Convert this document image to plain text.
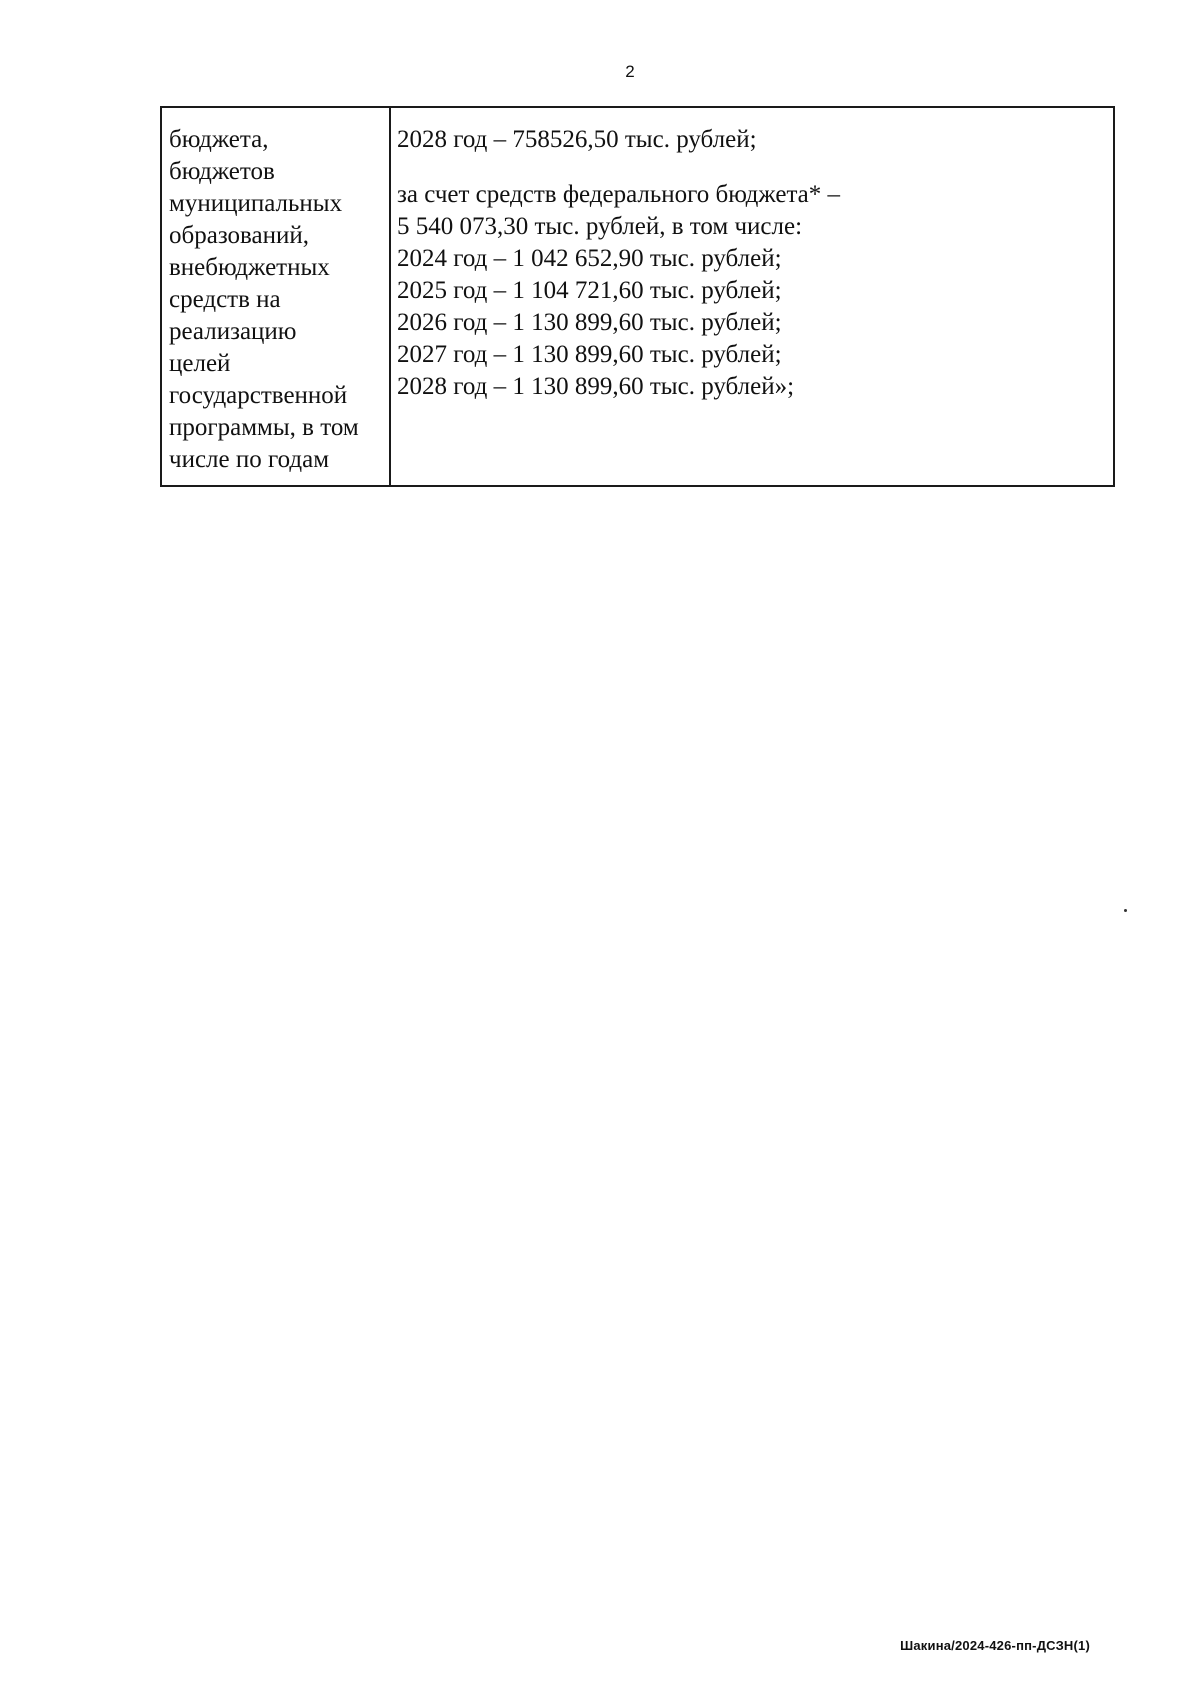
2
бюджета,
бюджетов
муниципальных
образований,
внебюджетных
средств на
реализацию
целей
государственной
программы, в том
числе по годам
2028 год – 758526,50 тыс. рублей;
за счет средств федерального бюджета* –
5 540 073,30 тыс. рублей, в том числе:
2024 год – 1 042 652,90 тыс. рублей;
2025 год – 1 104 721,60 тыс. рублей;
2026 год – 1 130 899,60 тыс. рублей;
2027 год – 1 130 899,60 тыс. рублей;
2028 год – 1 130 899,60 тыс. рублей»;
Шакина/2024-426-пп-ДСЗН(1)
